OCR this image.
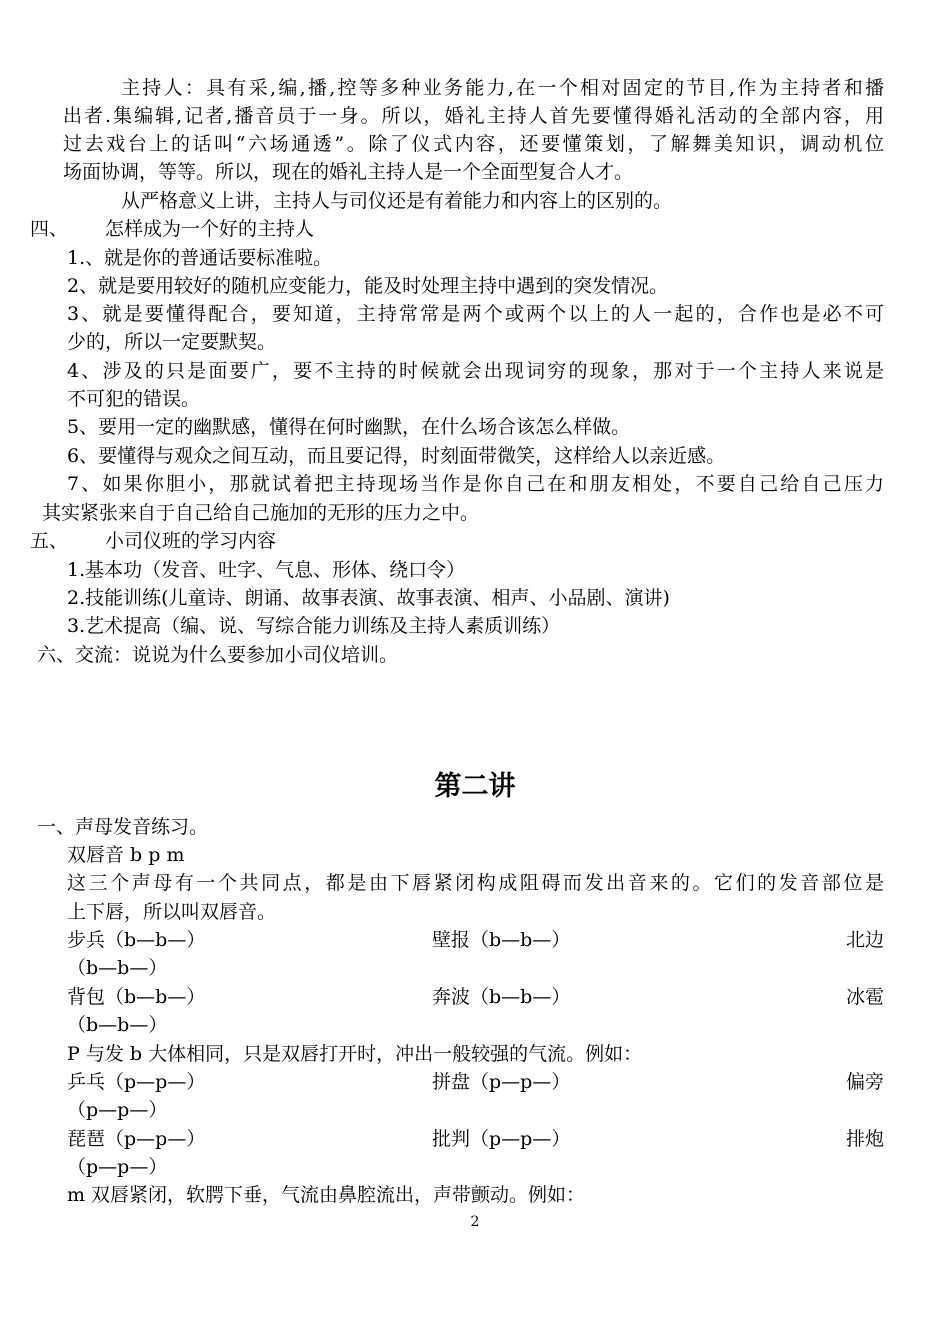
主持人：具有采,编,播,控等多种业务能力,在一个相对固定的节目,作为主持者和播
出者.集编辑,记者,播音员于一身。所以，婚礼主持人首先要懂得婚礼活动的全部内容，用
过去戏台上的话叫“六场通透”。除了仪式内容，还要懂策划，了解舞美知识，调动机位
场面协调，等等。所以，现在的婚礼主持人是一个全面型复合人才。
从严格意义上讲，主持人与司仪还是有着能力和内容上的区别的。
四、 怎样成为一个好的主持人
1.、就是你的普通话要标准啦。
2、就是要用较好的随机应变能力，能及时处理主持中遇到的突发情况。
3、就是要懂得配合，要知道，主持常常是两个或两个以上的人一起的，合作也是必不可
少的，所以一定要默契。
4、涉及的只是面要广，要不主持的时候就会出现词穷的现象，那对于一个主持人来说是
不可犯的错误。
5、要用一定的幽默感，懂得在何时幽默，在什么场合该怎么样做。
6、要懂得与观众之间互动，而且要记得，时刻面带微笑，这样给人以亲近感。
7、如果你胆小，那就试着把主持现场当作是你自己在和朋友相处，不要自己给自己压力
其实紧张来自于自己给自己施加的无形的压力之中。
五、 小司仪班的学习内容
1.基本功（发音、吐字、气息、形体、绕口令）
2.技能训练(儿童诗、朗诵、故事表演、故事表演、相声、小品剧、演讲)
3.艺术提高（编、说、写综合能力训练及主持人素质训练）
六、交流：说说为什么要参加小司仪培训。
第二讲
一、声母发音练习。
双唇音 b p m
这三个声母有一个共同点，都是由下唇紧闭构成阻碍而发出音来的。它们的发音部位是
上下唇，所以叫双唇音。
步兵（b—b—）	壁报（b—b—）	北边
（b—b—）
背包（b—b—）	奔波（b—b—）	冰雹
（b—b—）
P 与发 b 大体相同，只是双唇打开时，冲出一般较强的气流。例如：
乒乓（p—p—）	拼盘（p—p—）	偏旁
（p—p—）
琵琶（p—p—）	批判（p—p—）	排炮
（p—p—）
m 双唇紧闭，软腭下垂，气流由鼻腔流出，声带颤动。例如：
2
